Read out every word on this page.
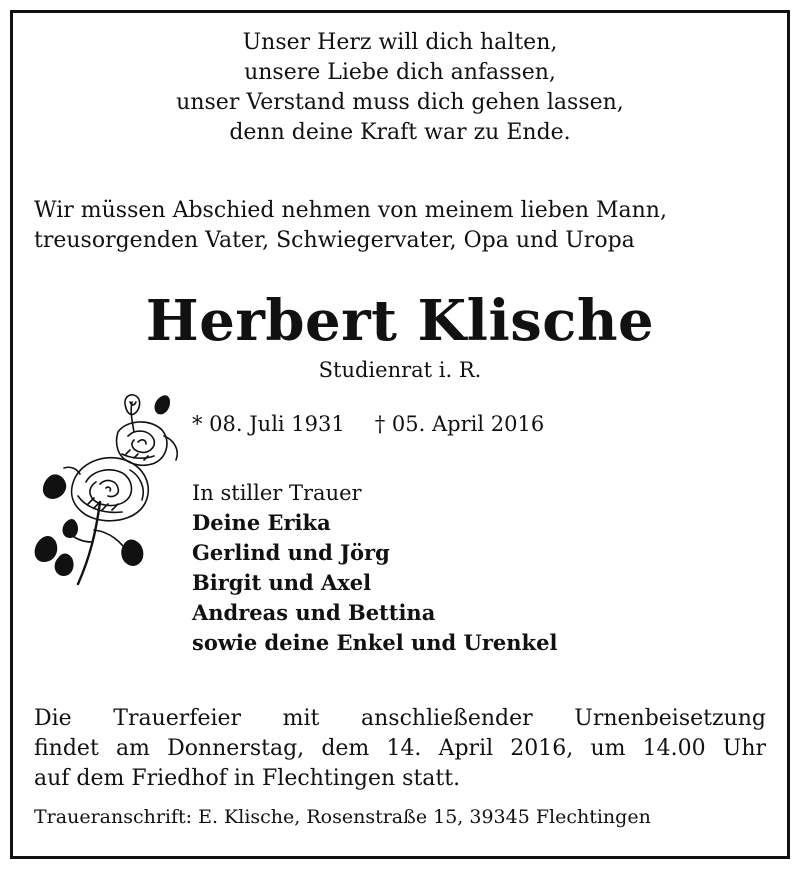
Unser Herz will dich halten,
unsere Liebe dich anfassen,
unser Verstand muss dich gehen lassen,
denn deine Kraft war zu Ende.
Wir müssen Abschied nehmen von meinem lieben Mann,
treusorgenden Vater, Schwiegervater, Opa und Uropa
Herbert Klische
Studienrat i. R.
* 08. Juli 1931 † 05. April 2016
In stiller Trauer
Deine Erika
Gerlind und Jörg
Birgit und Axel
Andreas und Bettina
sowie deine Enkel und Urenkel
Die Trauerfeier mit anschließender Urnenbeisetzung
findet am Donnerstag, dem 14. April 2016, um 14.00 Uhr
auf dem Friedhof in Flechtingen statt.
Traueranschrift: E. Klische, Rosenstraße 15, 39345 Flechtingen
